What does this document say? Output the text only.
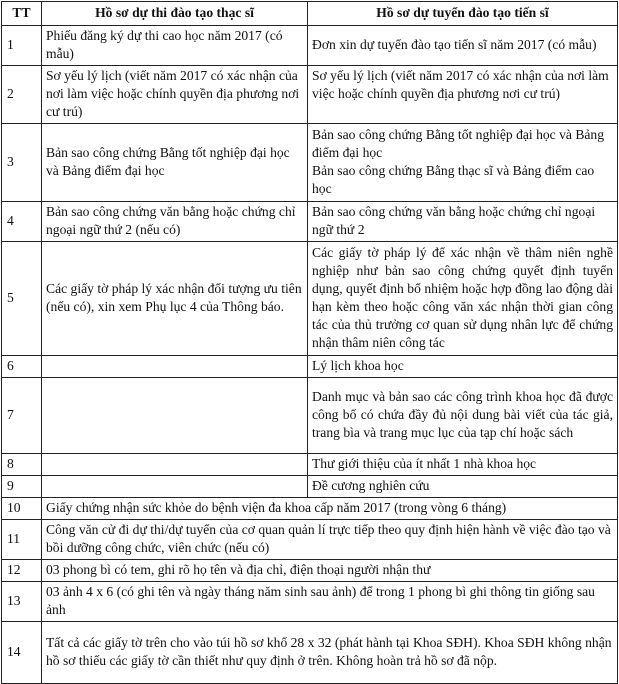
TT	Hồ sơ dự thi đào tạo thạc sĩ	Hồ sơ dự tuyển đào tạo tiến sĩ
1	Phiếu đăng ký dự thi cao học năm 2017 (có mẫu)	Đơn xin dự tuyển đào tạo tiến sĩ năm 2017 (có mẫu)
2	Sơ yếu lý lịch (viết năm 2017 có xác nhận của nơi làm việc hoặc chính quyền địa phương nơi cư trú)	Sơ yếu lý lịch (viết năm 2017 có xác nhận của nơi làm việc hoặc chính quyền địa phương nơi cư trú)
3	Bản sao công chứng Bằng tốt nghiệp đại học và Bảng điểm đại học	Bản sao công chứng Bằng tốt nghiệp đại học và Bảng điểm đại học
Bản sao công chứng Bằng thạc sĩ và Bảng điểm cao học

4	Bản sao công chứng văn bằng hoặc chứng chỉ ngoại ngữ thứ 2 (nếu có)	Bản sao công chứng văn bằng hoặc chứng chỉ ngoại ngữ thứ 2
5	Các giấy tờ pháp lý xác nhận đối tượng ưu tiên (nếu có), xin xem Phụ lục 4 của Thông báo.	Các giấy tờ pháp lý để xác nhận về thâm niên nghề nghiệp như bản sao công chứng quyết định tuyển dụng, quyết định bổ nhiệm hoặc hợp đồng lao động dài hạn kèm theo hoặc công văn xác nhận thời gian công tác của thủ trưởng cơ quan sử dụng nhân lực để chứng nhận thâm niên công tác
6		Lý lịch khoa học
7		Danh mục và bản sao các công trình khoa học đã được công bố có chứa đầy đủ nội dung bài viết của tác giả, trang bìa và trang mục lục của tạp chí hoặc sách
8		Thư giới thiệu của ít nhất 1 nhà khoa học
9		Đề cương nghiên cứu
10	Giấy chứng nhận sức khỏe do bệnh viện đa khoa cấp năm 2017 (trong vòng 6 tháng)	
11	Công văn cử đi dự thi/dự tuyển của cơ quan quản lí trực tiếp theo quy định hiện hành về việc đào tạo và bồi dưỡng công chức, viên chức (nếu có)	
12	03 phong bì có tem, ghi rõ họ tên và địa chỉ, điện thoại người nhận thư	
13	03 ảnh 4 x 6 (có ghi tên và ngày tháng năm sinh sau ảnh) để trong 1 phong bì ghi thông tin giống sau ảnh	
14	Tất cả các giấy tờ trên cho vào túi hồ sơ khổ 28 x 32 (phát hành tại Khoa SĐH). Khoa SĐH không nhận hồ sơ thiếu các giấy tờ cần thiết như quy định ở trên. Không hoàn trả hồ sơ đã nộp.	
